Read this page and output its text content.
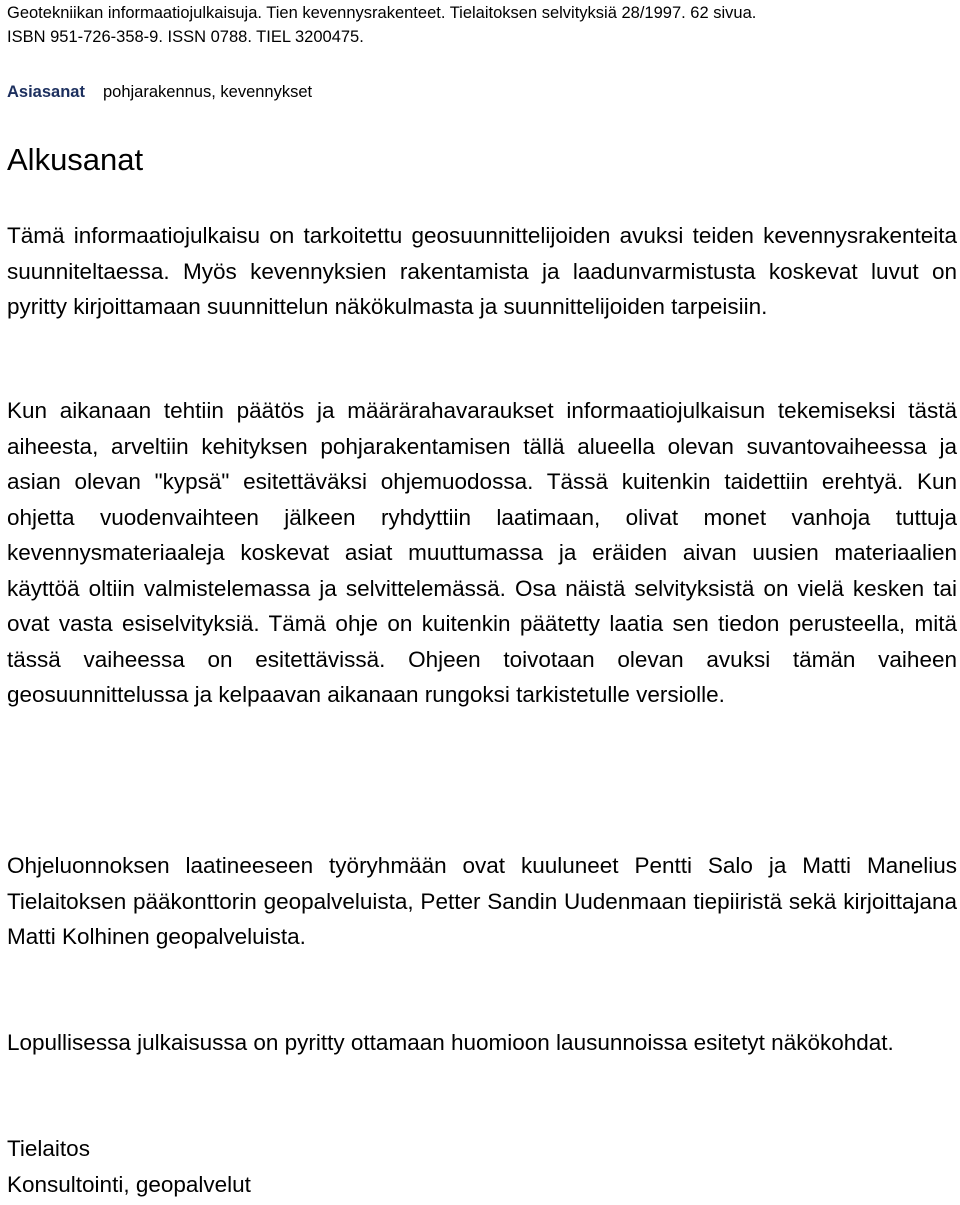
Geotekniikan informaatiojulkaisuja. Tien kevennysrakenteet. Tielaitoksen selvityksiä 28/1997. 62 sivua.

ISBN 951-726-358-9. ISSN 0788. TIEL 3200475.

Asiasanat pohjarakennus, kevennykset
Alkusanat

Tämä informaatiojulkaisu on tarkoitettu geosuunnittelijoiden avuksi teiden kevennysrakenteita suunniteltaessa. Myös kevennyksien rakentamista ja laadunvarmistusta koskevat luvut on pyritty kirjoittamaan suunnittelun näkökulmasta ja suunnittelijoiden tarpeisiin.

Kun aikanaan tehtiin päätös ja määrärahavaraukset informaatiojulkaisun tekemiseksi tästä aiheesta, arveltiin kehityksen pohjarakentamisen tällä alueella olevan suvantovaiheessa ja asian olevan "kypsä" esitettäväksi ohjemuodossa. Tässä kuitenkin taidettiin erehtyä. Kun ohjetta vuodenvaihteen jälkeen ryhdyttiin laatimaan, olivat monet vanhoja tuttuja kevennysmateriaaleja koskevat asiat muuttumassa ja eräiden aivan uusien materiaalien käyttöä oltiin valmistelemassa ja selvittelemässä. Osa näistä selvityksistä on vielä kesken tai ovat vasta esiselvityksiä. Tämä ohje on kuitenkin päätetty laatia sen tiedon perusteella, mitä tässä vaiheessa on esitettävissä. Ohjeen toivotaan olevan avuksi tämän vaiheen geosuunnittelussa ja kelpaavan aikanaan rungoksi tarkistetulle versiolle.

Ohjeluonnoksen laatineeseen työryhmään ovat kuuluneet Pentti Salo ja Matti Manelius Tielaitoksen pääkonttorin geopalveluista, Petter Sandin Uudenmaan tiepiiristä sekä kirjoittajana Matti Kolhinen geopalveluista.

Lopullisessa julkaisussa on pyritty ottamaan huomioon lausunnoissa esitetyt näkökohdat.

Tielaitos

Konsultointi, geopalvelut
